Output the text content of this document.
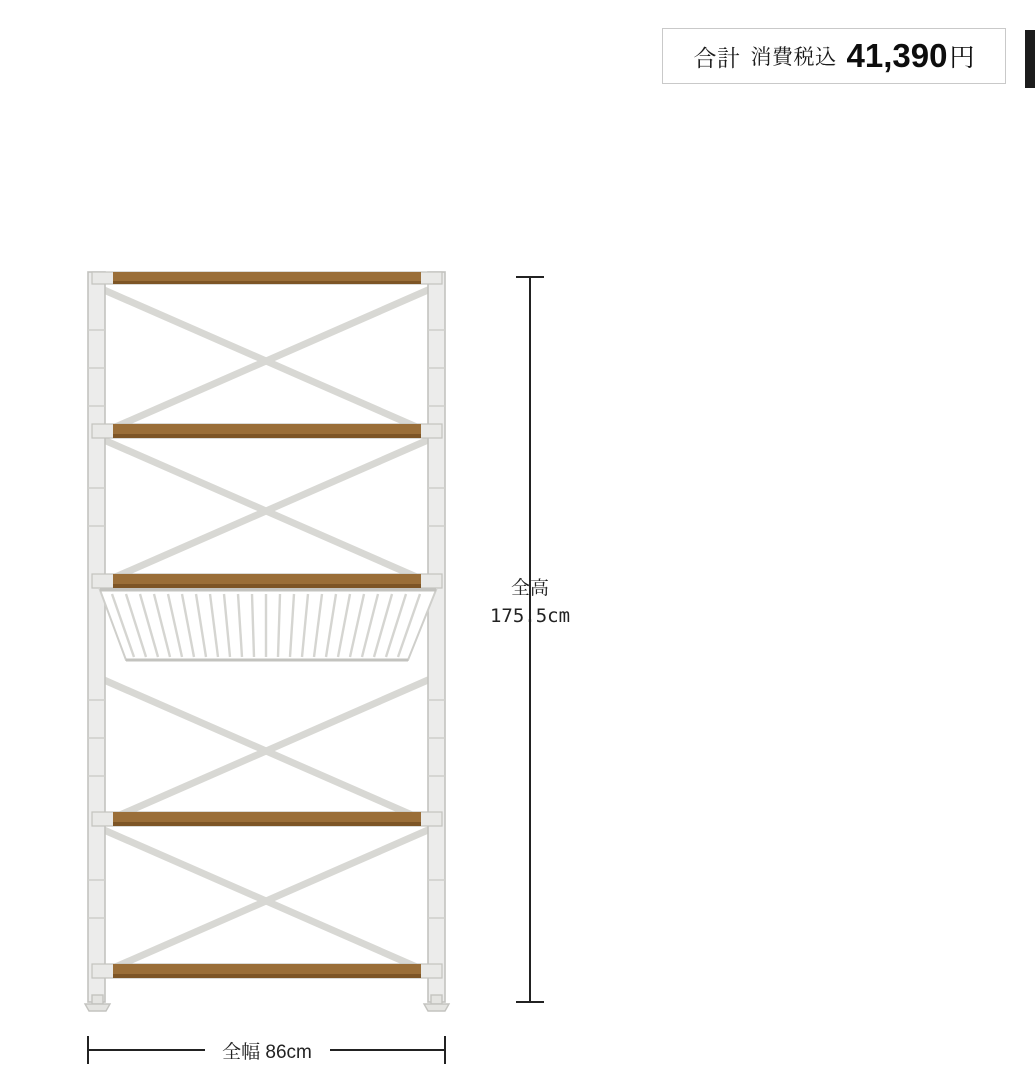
合計 消費税込 41,390 円
全高
175.5cm
全幅 86cm
